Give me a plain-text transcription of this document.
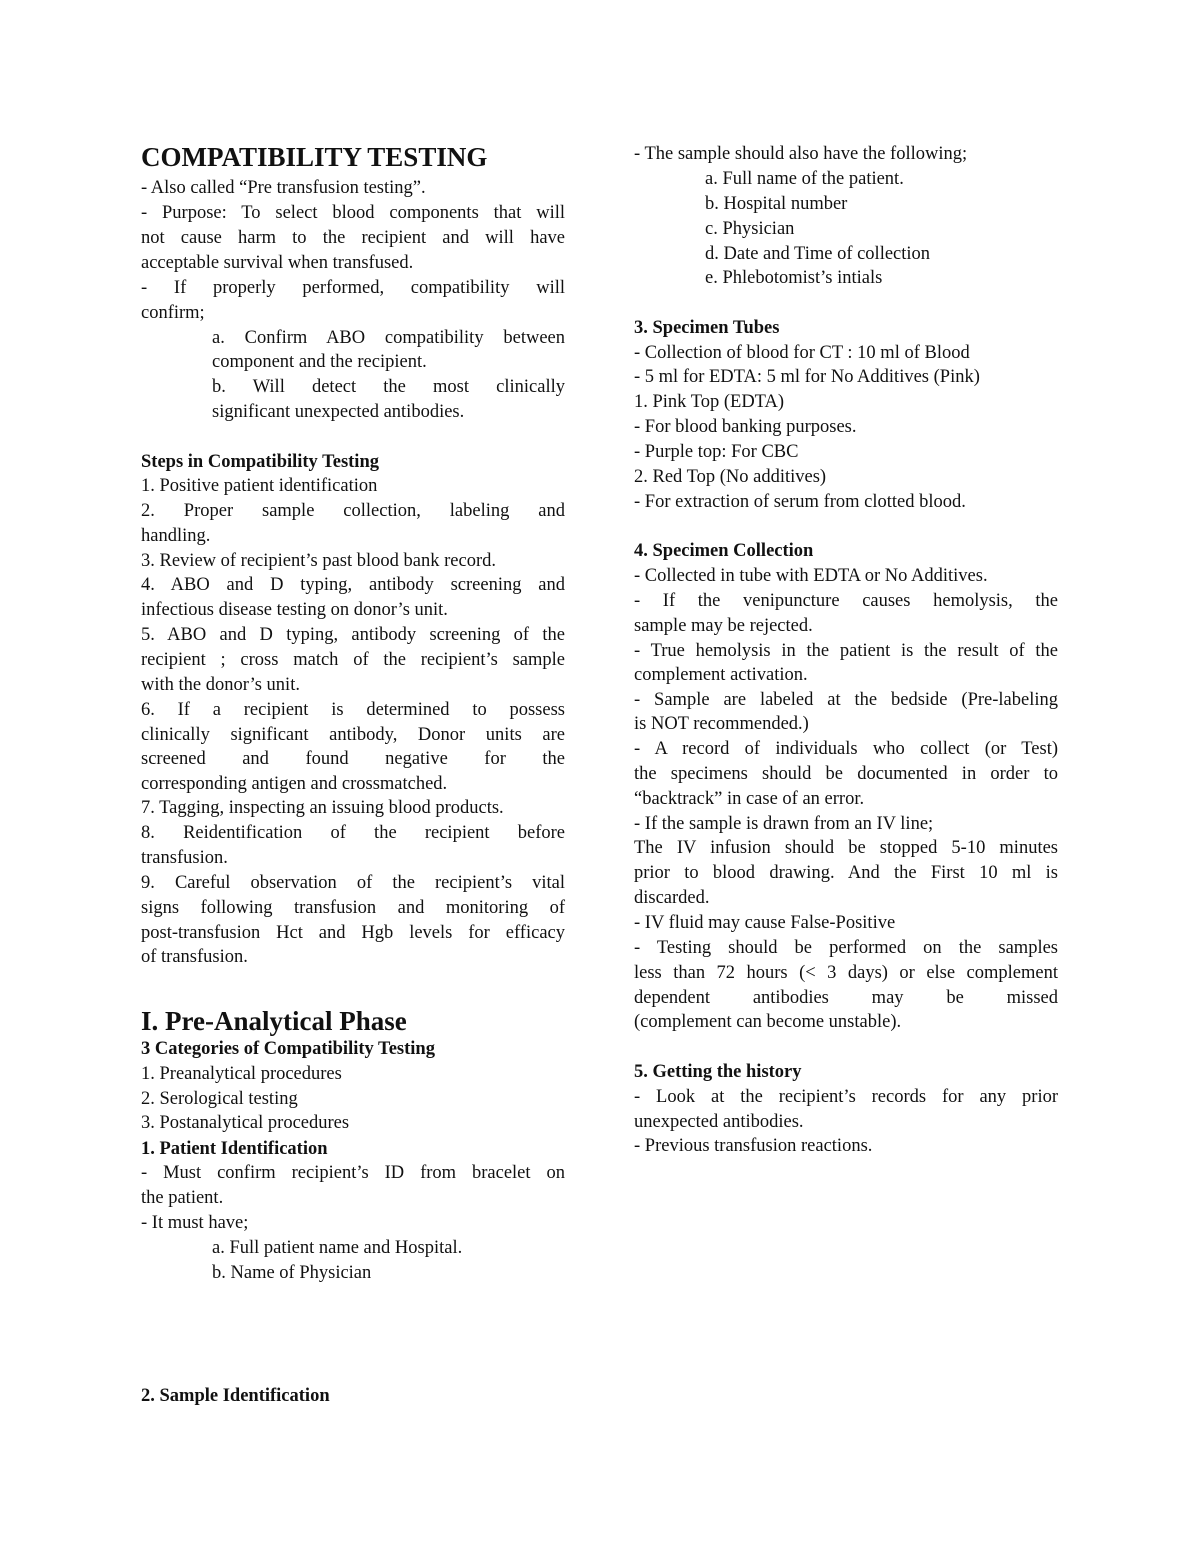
COMPATIBILITY TESTING
- Also called “Pre transfusion testing”.
- Purpose: To select blood components that will
not cause harm to the recipient and will have
acceptable survival when transfused.
- If properly performed, compatibility will
confirm;
a. Confirm ABO compatibility between
component and the recipient.
b. Will detect the most clinically
significant unexpected antibodies.
Steps in Compatibility Testing
1. Positive patient identification
2. Proper sample collection, labeling and
handling.
3. Review of recipient’s past blood bank record.
4. ABO and D typing, antibody screening and
infectious disease testing on donor’s unit.
5. ABO and D typing, antibody screening of the
recipient ; cross match of the recipient’s sample
with the donor’s unit.
6. If a recipient is determined to possess
clinically significant antibody, Donor units are
screened and found negative for the
corresponding antigen and crossmatched.
7. Tagging, inspecting an issuing blood products.
8. Reidentification of the recipient before
transfusion.
9. Careful observation of the recipient’s vital
signs following transfusion and monitoring of
post-transfusion Hct and Hgb levels for efficacy
of transfusion.
I. Pre-Analytical Phase
3 Categories of Compatibility Testing
1. Preanalytical procedures
2. Serological testing
3. Postanalytical procedures
1. Patient Identification
- Must confirm recipient’s ID from bracelet on
the patient.
- It must have;
a. Full patient name and Hospital.
b. Name of Physician
2. Sample Identification
- The sample should also have the following;
a. Full name of the patient.
b. Hospital number
c. Physician
d. Date and Time of collection
e. Phlebotomist’s intials
3. Specimen Tubes
- Collection of blood for CT : 10 ml of Blood
- 5 ml for EDTA: 5 ml for No Additives (Pink)
1. Pink Top (EDTA)
- For blood banking purposes.
- Purple top: For CBC
2. Red Top (No additives)
- For extraction of serum from clotted blood.
4. Specimen Collection
- Collected in tube with EDTA or No Additives.
- If the venipuncture causes hemolysis, the
sample may be rejected.
- True hemolysis in the patient is the result of the
complement activation.
- Sample are labeled at the bedside (Pre-labeling
is NOT recommended.)
- A record of individuals who collect (or Test)
the specimens should be documented in order to
“backtrack” in case of an error.
- If the sample is drawn from an IV line;
The IV infusion should be stopped 5-10 minutes
prior to blood drawing. And the First 10 ml is
discarded.
- IV fluid may cause False-Positive
- Testing should be performed on the samples
less than 72 hours (< 3 days) or else complement
dependent antibodies may be missed
(complement can become unstable).
5. Getting the history
- Look at the recipient’s records for any prior
unexpected antibodies.
- Previous transfusion reactions.
